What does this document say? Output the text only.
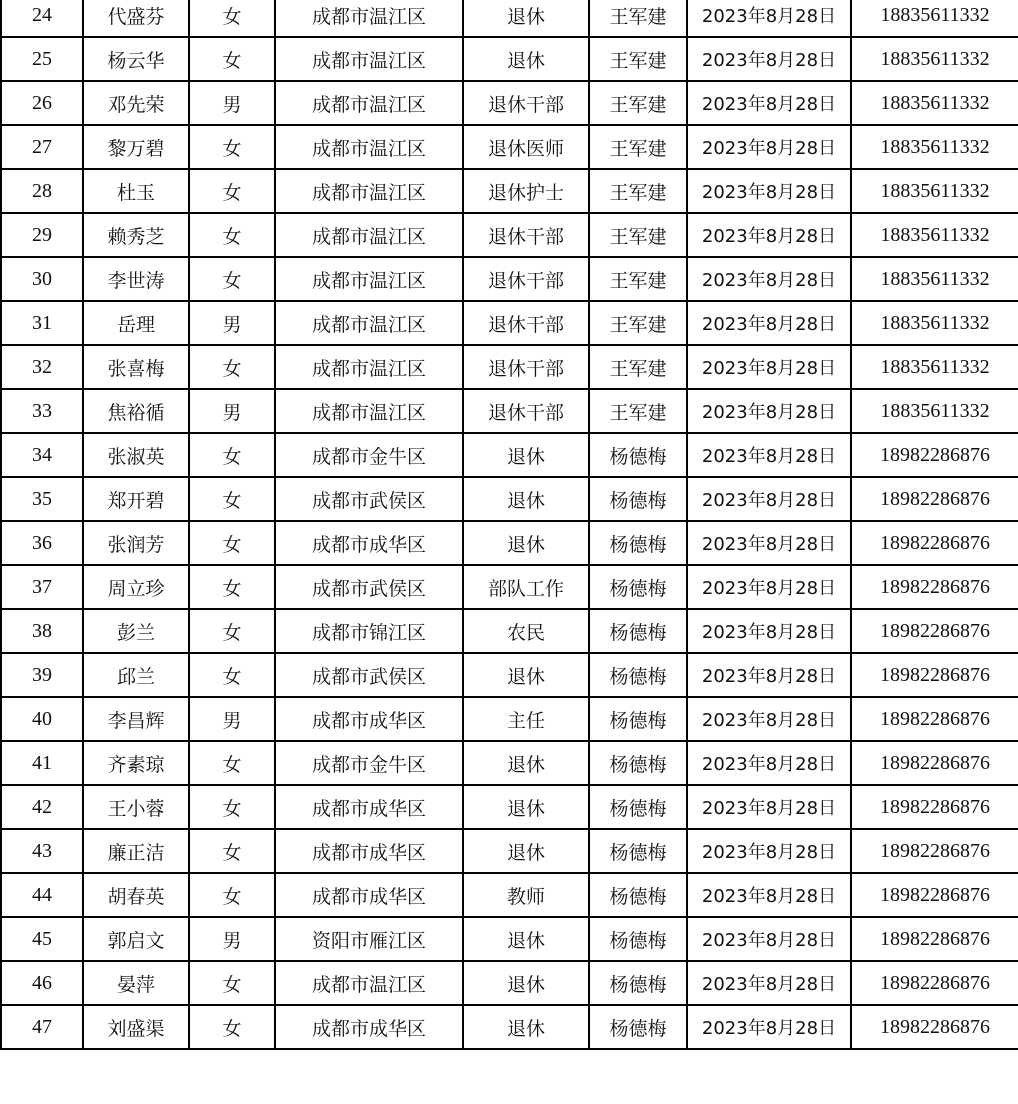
24	代盛芬	女	成都市温江区	退休	王军建	2023年8月28日	18835611332
25	杨云华	女	成都市温江区	退休	王军建	2023年8月28日	18835611332
26	邓先荣	男	成都市温江区	退休干部	王军建	2023年8月28日	18835611332
27	黎万碧	女	成都市温江区	退休医师	王军建	2023年8月28日	18835611332
28	杜玉	女	成都市温江区	退休护士	王军建	2023年8月28日	18835611332
29	赖秀芝	女	成都市温江区	退休干部	王军建	2023年8月28日	18835611332
30	李世涛	女	成都市温江区	退休干部	王军建	2023年8月28日	18835611332
31	岳理	男	成都市温江区	退休干部	王军建	2023年8月28日	18835611332
32	张喜梅	女	成都市温江区	退休干部	王军建	2023年8月28日	18835611332
33	焦裕循	男	成都市温江区	退休干部	王军建	2023年8月28日	18835611332
34	张淑英	女	成都市金牛区	退休	杨德梅	2023年8月28日	18982286876
35	郑开碧	女	成都市武侯区	退休	杨德梅	2023年8月28日	18982286876
36	张润芳	女	成都市成华区	退休	杨德梅	2023年8月28日	18982286876
37	周立珍	女	成都市武侯区	部队工作	杨德梅	2023年8月28日	18982286876
38	彭兰	女	成都市锦江区	农民	杨德梅	2023年8月28日	18982286876
39	邱兰	女	成都市武侯区	退休	杨德梅	2023年8月28日	18982286876
40	李昌辉	男	成都市成华区	主任	杨德梅	2023年8月28日	18982286876
41	齐素琼	女	成都市金牛区	退休	杨德梅	2023年8月28日	18982286876
42	王小蓉	女	成都市成华区	退休	杨德梅	2023年8月28日	18982286876
43	廉正洁	女	成都市成华区	退休	杨德梅	2023年8月28日	18982286876
44	胡春英	女	成都市成华区	教师	杨德梅	2023年8月28日	18982286876
45	郭启文	男	资阳市雁江区	退休	杨德梅	2023年8月28日	18982286876
46	晏萍	女	成都市温江区	退休	杨德梅	2023年8月28日	18982286876
47	刘盛渠	女	成都市成华区	退休	杨德梅	2023年8月28日	18982286876
